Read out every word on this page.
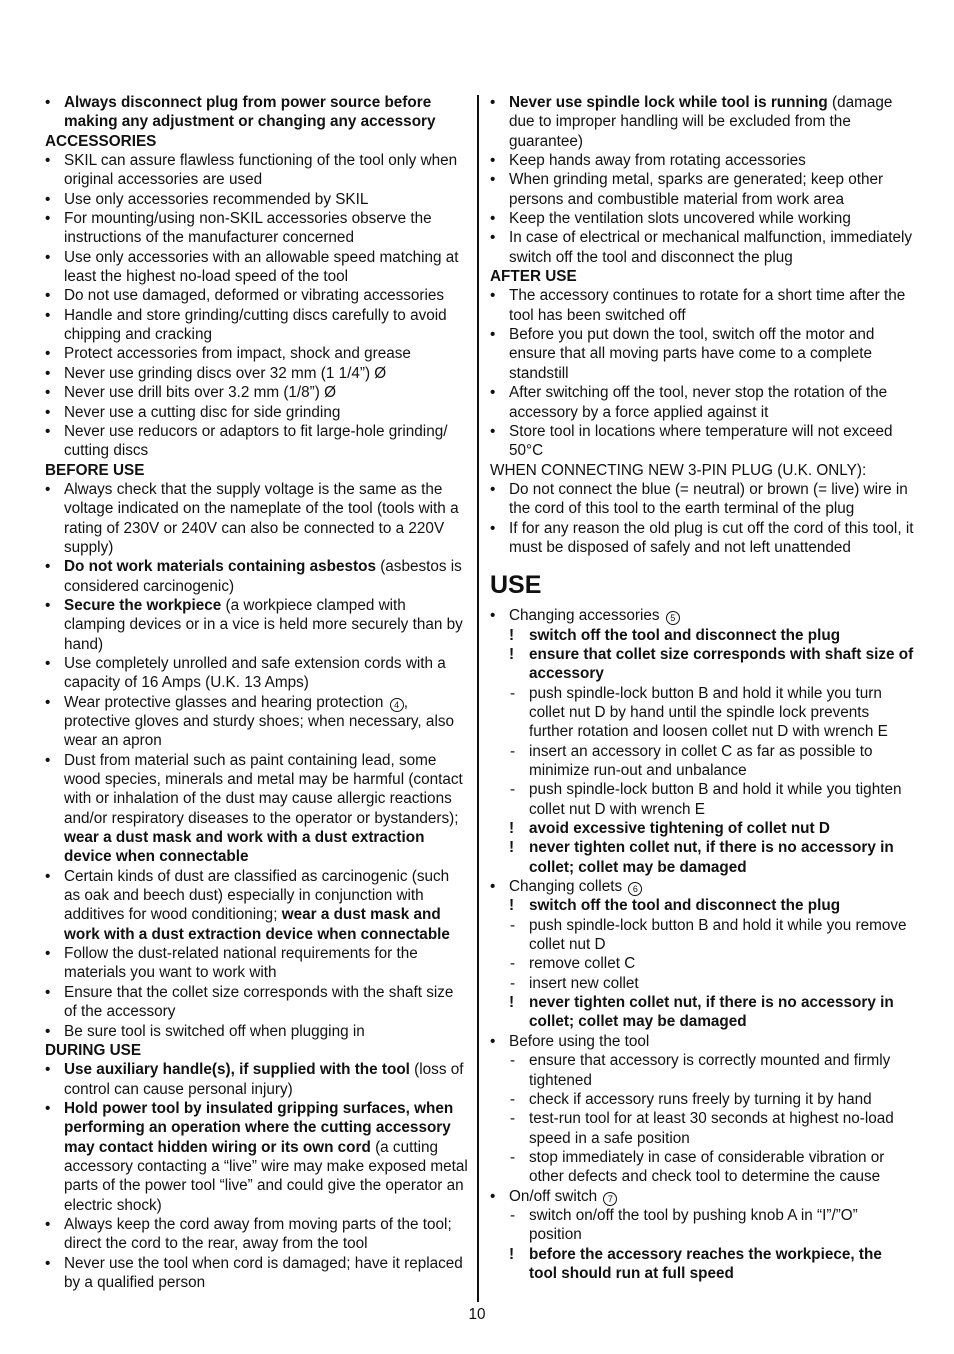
• Always disconnect plug from power source before making any adjustment or changing any accessory

ACCESSORIES

• SKIL can assure flawless functioning of the tool only when original accessories are used

• Use only accessories recommended by SKIL

• For mounting/using non-SKIL accessories observe the instructions of the manufacturer concerned

• Use only accessories with an allowable speed matching at least the highest no-load speed of the tool

• Do not use damaged, deformed or vibrating accessories

• Handle and store grinding/cutting discs carefully to avoid chipping and cracking

• Protect accessories from impact, shock and grease

• Never use grinding discs over 32 mm (1 1/4”) Ø

• Never use drill bits over 3.2 mm (1/8”) Ø

• Never use a cutting disc for side grinding

• Never use reducors or adaptors to fit large-hole grinding/ cutting discs

BEFORE USE

• Always check that the supply voltage is the same as the voltage indicated on the nameplate of the tool (tools with a rating of 230V or 240V can also be connected to a 220V supply)

• Do not work materials containing asbestos (asbestos is considered carcinogenic)

• Secure the workpiece (a workpiece clamped with clamping devices or in a vice is held more securely than by hand)

• Use completely unrolled and safe extension cords with a capacity of 16 Amps (U.K. 13 Amps)

• Wear protective glasses and hearing protection 4 , protective gloves and sturdy shoes; when necessary, also wear an apron

• Dust from material such as paint containing lead, some wood species, minerals and metal may be harmful (contact with or inhalation of the dust may cause allergic reactions and/or respiratory diseases to the operator or bystanders); wear a dust mask and work with a dust extraction device when connectable

• Certain kinds of dust are classified as carcinogenic (such as oak and beech dust) especially in conjunction with additives for wood conditioning; wear a dust mask and work with a dust extraction device when connectable

• Follow the dust-related national requirements for the materials you want to work with

• Ensure that the collet size corresponds with the shaft size of the accessory

• Be sure tool is switched off when plugging in

DURING USE

• Use auxiliary handle(s), if supplied with the tool (loss of control can cause personal injury)

• Hold power tool by insulated gripping surfaces, when performing an operation where the cutting accessory may contact hidden wiring or its own cord (a cutting accessory contacting a “live” wire may make exposed metal parts of the power tool “live” and could give the operator an electric shock)

• Always keep the cord away from moving parts of the tool; direct the cord to the rear, away from the tool

• Never use the tool when cord is damaged; have it replaced by a qualified person

• Never use spindle lock while tool is running (damage due to improper handling will be excluded from the guarantee)

• Keep hands away from rotating accessories

• When grinding metal, sparks are generated; keep other persons and combustible material from work area

• Keep the ventilation slots uncovered while working

• In case of electrical or mechanical malfunction, immediately switch off the tool and disconnect the plug

AFTER USE

• The accessory continues to rotate for a short time after the tool has been switched off

• Before you put down the tool, switch off the motor and ensure that all moving parts have come to a complete standstill

• After switching off the tool, never stop the rotation of the accessory by a force applied against it

• Store tool in locations where temperature will not exceed 50°C

WHEN CONNECTING NEW 3-PIN PLUG (U.K. ONLY):

• Do not connect the blue (= neutral) or brown (= live) wire in the cord of this tool to the earth terminal of the plug

• If for any reason the old plug is cut off the cord of this tool, it must be disposed of safely and not left unattended

USE

• Changing accessories 5

! switch off the tool and disconnect the plug

! ensure that collet size corresponds with shaft size of accessory

- push spindle-lock button B and hold it while you turn collet nut D by hand until the spindle lock prevents further rotation and loosen collet nut D with wrench E

- insert an accessory in collet C as far as possible to minimize run-out and unbalance

- push spindle-lock button B and hold it while you tighten collet nut D with wrench E

! avoid excessive tightening of collet nut D

! never tighten collet nut, if there is no accessory in collet; collet may be damaged

• Changing collets 6

! switch off the tool and disconnect the plug

- push spindle-lock button B and hold it while you remove collet nut D

- remove collet C

- insert new collet

! never tighten collet nut, if there is no accessory in collet; collet may be damaged

• Before using the tool

- ensure that accessory is correctly mounted and firmly tightened

- check if accessory runs freely by turning it by hand

- test-run tool for at least 30 seconds at highest no-load speed in a safe position

- stop immediately in case of considerable vibration or other defects and check tool to determine the cause

• On/off switch 7

- switch on/off the tool by pushing knob A in “I”/”O” position

! before the accessory reaches the workpiece, the tool should run at full speed

10
